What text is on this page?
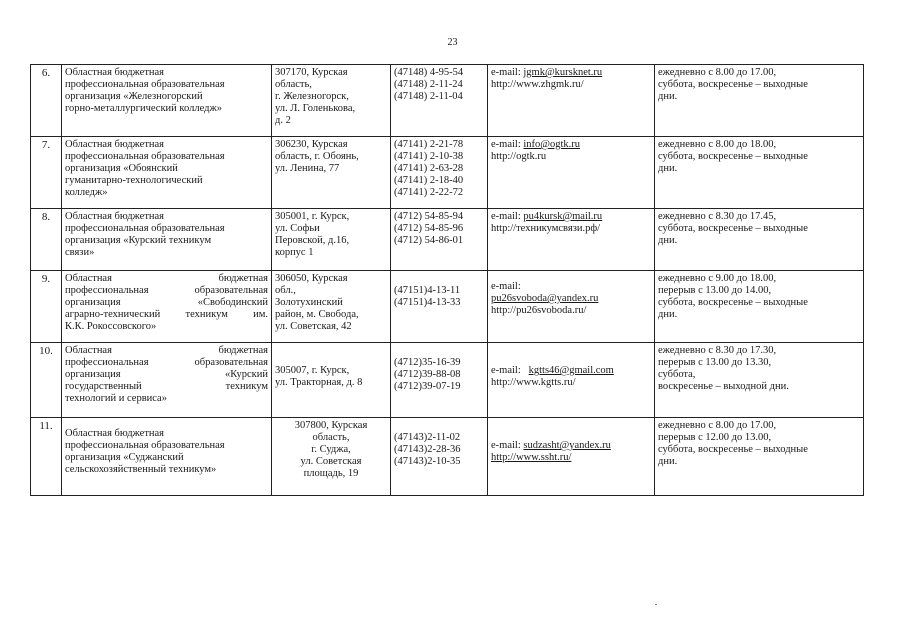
23
6.	Областная бюджетная
профессиональная образовательная
организация «Железногорский
горно-металлургический колледж»	307170, Курская
область,
г. Железногорск,
ул. Л. Голенькова,
д. 2	(47148) 4-95-54
(47148) 2-11-24
(47148) 2-11-04	e-mail: jgmk@kursknet.ru
http://www.zhgmk.ru/	ежедневно с 8.00 до 17.00,
суббота, воскресенье – выходные
дни.

7.	Областная бюджетная
профессиональная образовательная
организация «Обоянский
гуманитарно-технологический
колледж»	306230, Курская
область, г. Обоянь,
ул. Ленина, 77	(47141) 2-21-78
(47141) 2-10-38
(47141) 2-63-28
(47141) 2-18-40
(47141) 2-22-72	e-mail: info@ogtk.ru
http://ogtk.ru	ежедневно с 8.00 до 18.00,
суббота, воскресенье – выходные
дни.

8.	Областная бюджетная
профессиональная образовательная
организация «Курский техникум
связи»	305001, г. Курск,
ул. Софьи
Перовской, д.16,
корпус 1	(4712) 54-85-94
(4712) 54-85-96
(4712) 54-86-01	e-mail: pu4kursk@mail.ru
http://техникумсвязи.рф/	ежедневно с 8.30 до 17.45,
суббота, воскресенье – выходные
дни.

9.	Областная бюджетная
профессиональная образовательная
организация «Свободинский
аграрно-технический техникум им.
К.К. Рокоссовского»	306050, Курская
обл.,
Золотухинский
район, м. Свобода,
ул. Советская, 42	(47151)4-13-11
(47151)4-13-33	e-mail:
pu26svoboda@yandex.ru
http://pu26svoboda.ru/	ежедневно с 9.00 до 18.00,
перерыв с 13.00 до 14.00,
суббота, воскресенье – выходные
дни.

10.	Областная бюджетная
профессиональная образовательная
организация «Курский
государственный техникум
технологий и сервиса»	305007, г. Курск,
ул. Тракторная, д. 8	(4712)35-16-39
(4712)39-88-08
(4712)39-07-19	e-mail: kgtts46@gmail.com
http://www.kgtts.ru/	ежедневно с 8.30 до 17.30,
перерыв с 13.00 до 13.30,
суббота,
воскресенье – выходной дни.

11.	Областная бюджетная
профессиональная образовательная
организация «Суджанский
сельскохозяйственный техникум»	307800, Курская
область,
г. Суджа,
ул. Советская
площадь, 19	(47143)2-11-02
(47143)2-28-36
(47143)2-10-35	e-mail: sudzasht@yandex.ru
http://www.ssht.ru/	ежедневно с 8.00 до 17.00,
перерыв с 12.00 до 13.00,
суббота, воскресенье – выходные
дни.
